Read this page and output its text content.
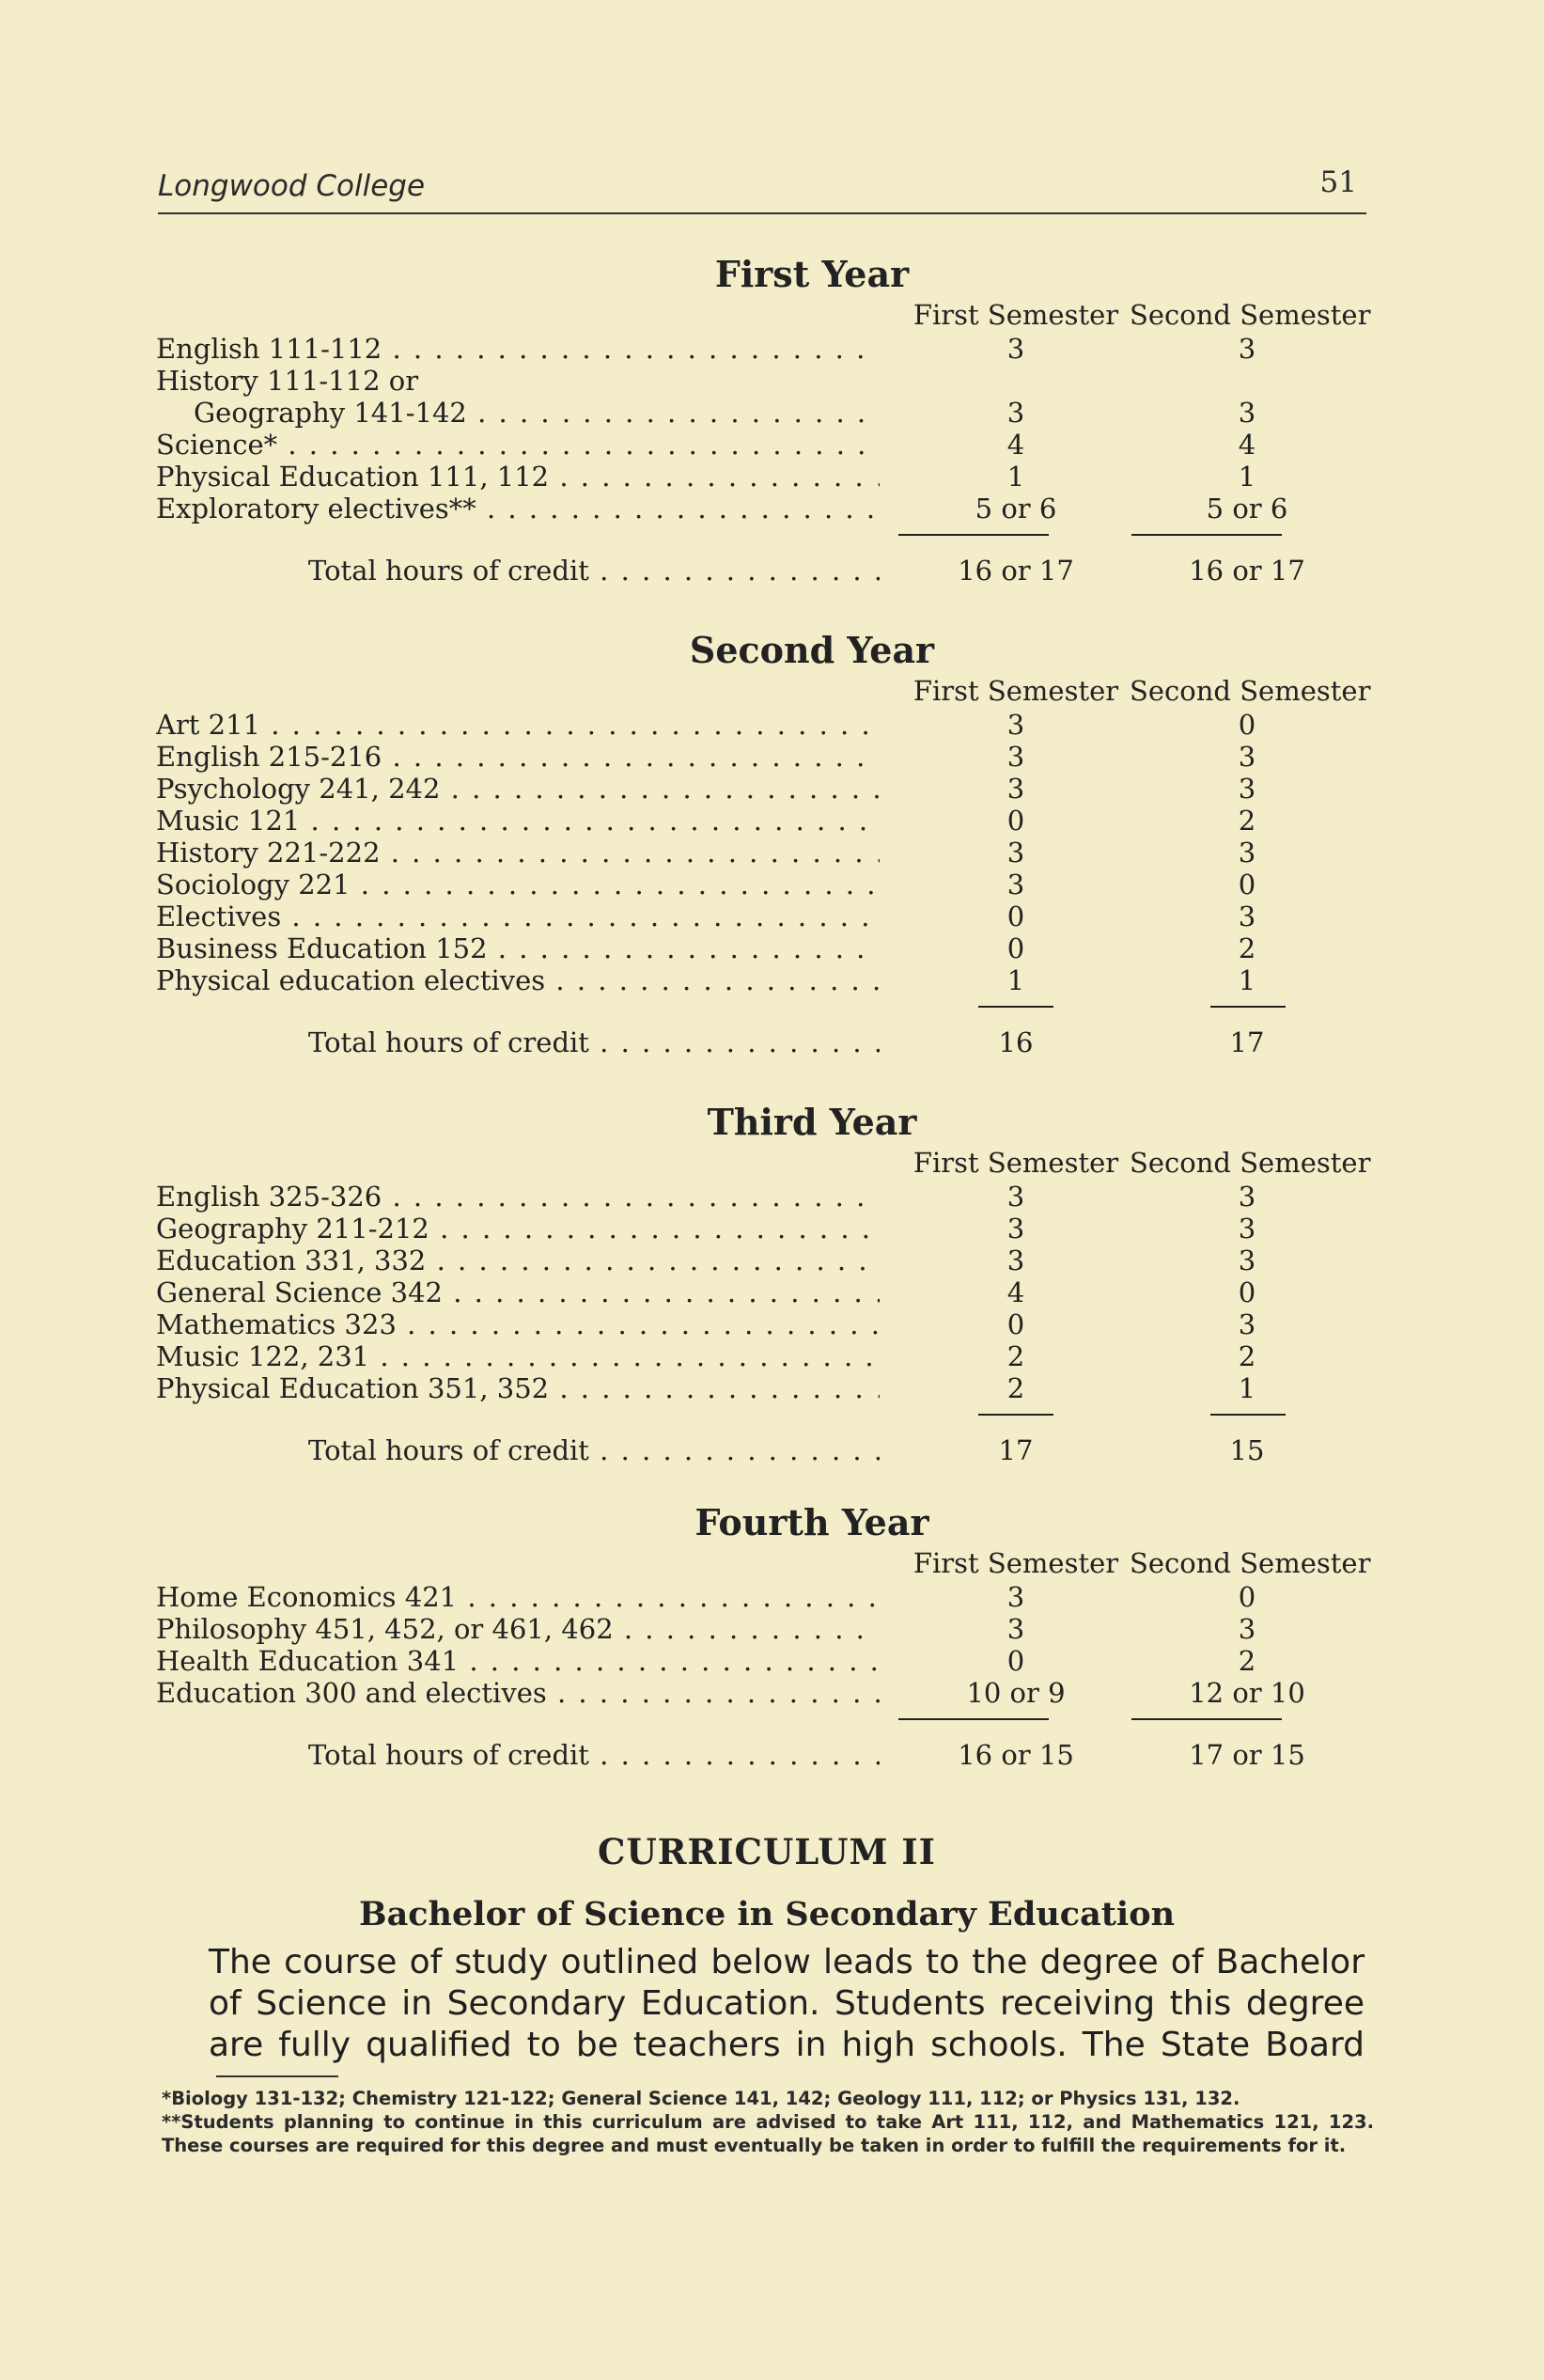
Longwood College	51
First Year
First Semester Second Semester
English 111-112 . . .	3	3
History 111-112 or
Geography 141-142 . . .	3	3
Science* . . .	4	4
Physical Education 111, 112 . . .	1	1
Exploratory electives** . . .	5 or 6	5 or 6
Total hours of credit . . .	16 or 17	16 or 17
Second Year
First Semester Second Semester
Art 211 . . .	3	0
English 215-216 . . .	3	3
Psychology 241, 242 . . .	3	3
Music 121 . . .	0	2
History 221-222 . . .	3	3
Sociology 221 . . .	3	0
Electives . . .	0	3
Business Education 152 . . .	0	2
Physical education electives . . .	1	1
Total hours of credit . . .	16	17
Third Year
First Semester Second Semester
English 325-326 . . .	3	3
Geography 211-212 . . .	3	3
Education 331, 332 . . .	3	3
General Science 342 . . .	4	0
Mathematics 323 . . .	0	3
Music 122, 231 . . .	2	2
Physical Education 351, 352 . . .	2	1
Total hours of credit . . .	17	15
Fourth Year
First Semester Second Semester
Home Economics 421 . . .	3	0
Philosophy 451, 452, or 461, 462 . . .	3	3
Health Education 341 . . .	0	2
Education 300 and electives . . .	10 or 9	12 or 10
Total hours of credit . . .	16 or 15	17 or 15
CURRICULUM II
Bachelor of Science in Secondary Education
The course of study outlined below leads to the degree of Bachelor of Science in Secondary Education. Students receiving this degree are fully qualified to be teachers in high schools. The State Board

*Biology 131-132; Chemistry 121-122; General Science 141, 142; Geology 111, 112; or Physics 131, 132.

**Students planning to continue in this curriculum are advised to take Art 111, 112, and Mathematics 121, 123. These courses are required for this degree and must eventually be taken in order to fulfill the requirements for it.
